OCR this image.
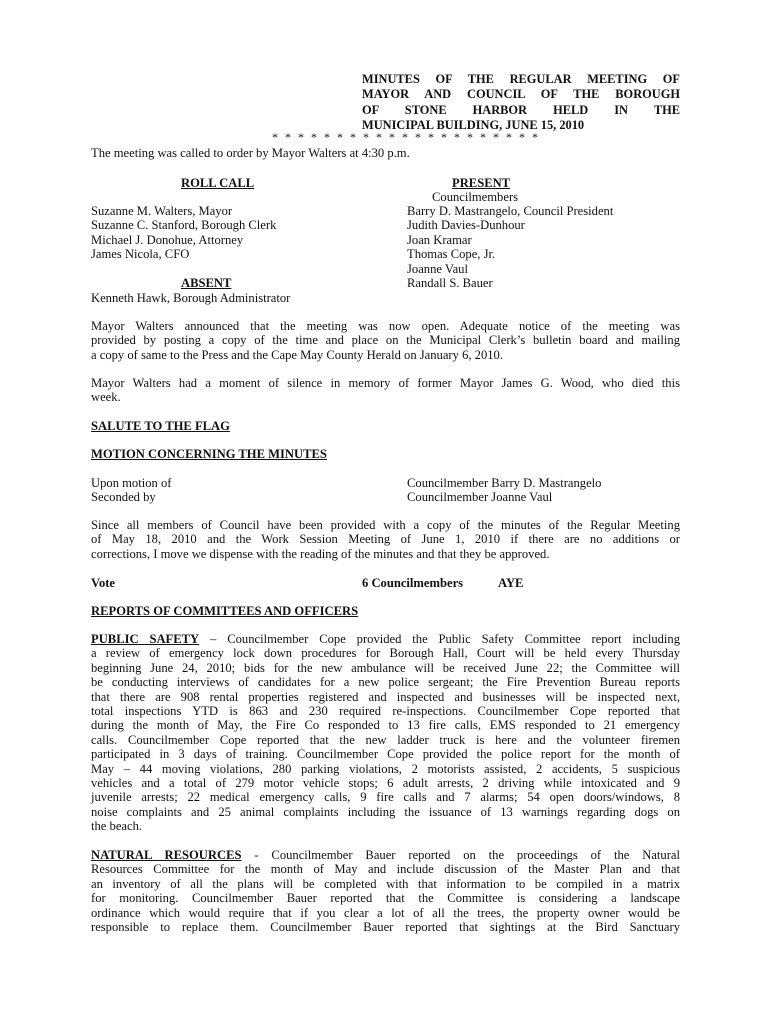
MINUTES OF THE REGULAR MEETING OF
MAYOR AND COUNCIL OF THE BOROUGH
OF STONE HARBOR HELD IN THE
MUNICIPAL BUILDING, JUNE 15, 2010
* * * * * * * * * * * * * * * * * * * * *
The meeting was called to order by Mayor Walters at 4:30 p.m.
ROLL CALL
Suzanne M. Walters, Mayor
Suzanne C. Stanford, Borough Clerk
Michael J. Donohue, Attorney
James Nicola, CFO
ABSENT
Kenneth Hawk, Borough Administrator
PRESENT
Councilmembers
Barry D. Mastrangelo, Council President
Judith Davies-Dunhour
Joan Kramar
Thomas Cope, Jr.
Joanne Vaul
Randall S. Bauer
Mayor Walters announced that the meeting was now open. Adequate notice of the meeting was
provided by posting a copy of the time and place on the Municipal Clerk’s bulletin board and mailing
a copy of same to the Press and the Cape May County Herald on January 6, 2010.
Mayor Walters had a moment of silence in memory of former Mayor James G. Wood, who died this
week.
SALUTE TO THE FLAG
MOTION CONCERNING THE MINUTES
Upon motion of	Councilmember Barry D. Mastrangelo
Seconded by	Councilmember Joanne Vaul
Since all members of Council have been provided with a copy of the minutes of the Regular Meeting
of May 18, 2010 and the Work Session Meeting of June 1, 2010 if there are no additions or
corrections, I move we dispense with the reading of the minutes and that they be approved.
Vote	6 Councilmembers	AYE
REPORTS OF COMMITTEES AND OFFICERS
PUBLIC SAFETY – Councilmember Cope provided the Public Safety Committee report including
a review of emergency lock down procedures for Borough Hall, Court will be held every Thursday
beginning June 24, 2010; bids for the new ambulance will be received June 22; the Committee will
be conducting interviews of candidates for a new police sergeant; the Fire Prevention Bureau reports
that there are 908 rental properties registered and inspected and businesses will be inspected next,
total inspections YTD is 863 and 230 required re-inspections. Councilmember Cope reported that
during the month of May, the Fire Co responded to 13 fire calls, EMS responded to 21 emergency
calls. Councilmember Cope reported that the new ladder truck is here and the volunteer firemen
participated in 3 days of training. Councilmember Cope provided the police report for the month of
May – 44 moving violations, 280 parking violations, 2 motorists assisted, 2 accidents, 5 suspicious
vehicles and a total of 279 motor vehicle stops; 6 adult arrests, 2 driving while intoxicated and 9
juvenile arrests; 22 medical emergency calls, 9 fire calls and 7 alarms; 54 open doors/windows, 8
noise complaints and 25 animal complaints including the issuance of 13 warnings regarding dogs on
the beach.
NATURAL RESOURCES - Councilmember Bauer reported on the proceedings of the Natural
Resources Committee for the month of May and include discussion of the Master Plan and that
an inventory of all the plans will be completed with that information to be compiled in a matrix
for monitoring. Councilmember Bauer reported that the Committee is considering a landscape
ordinance which would require that if you clear a lot of all the trees, the property owner would be
responsible to replace them. Councilmember Bauer reported that sightings at the Bird Sanctuary
